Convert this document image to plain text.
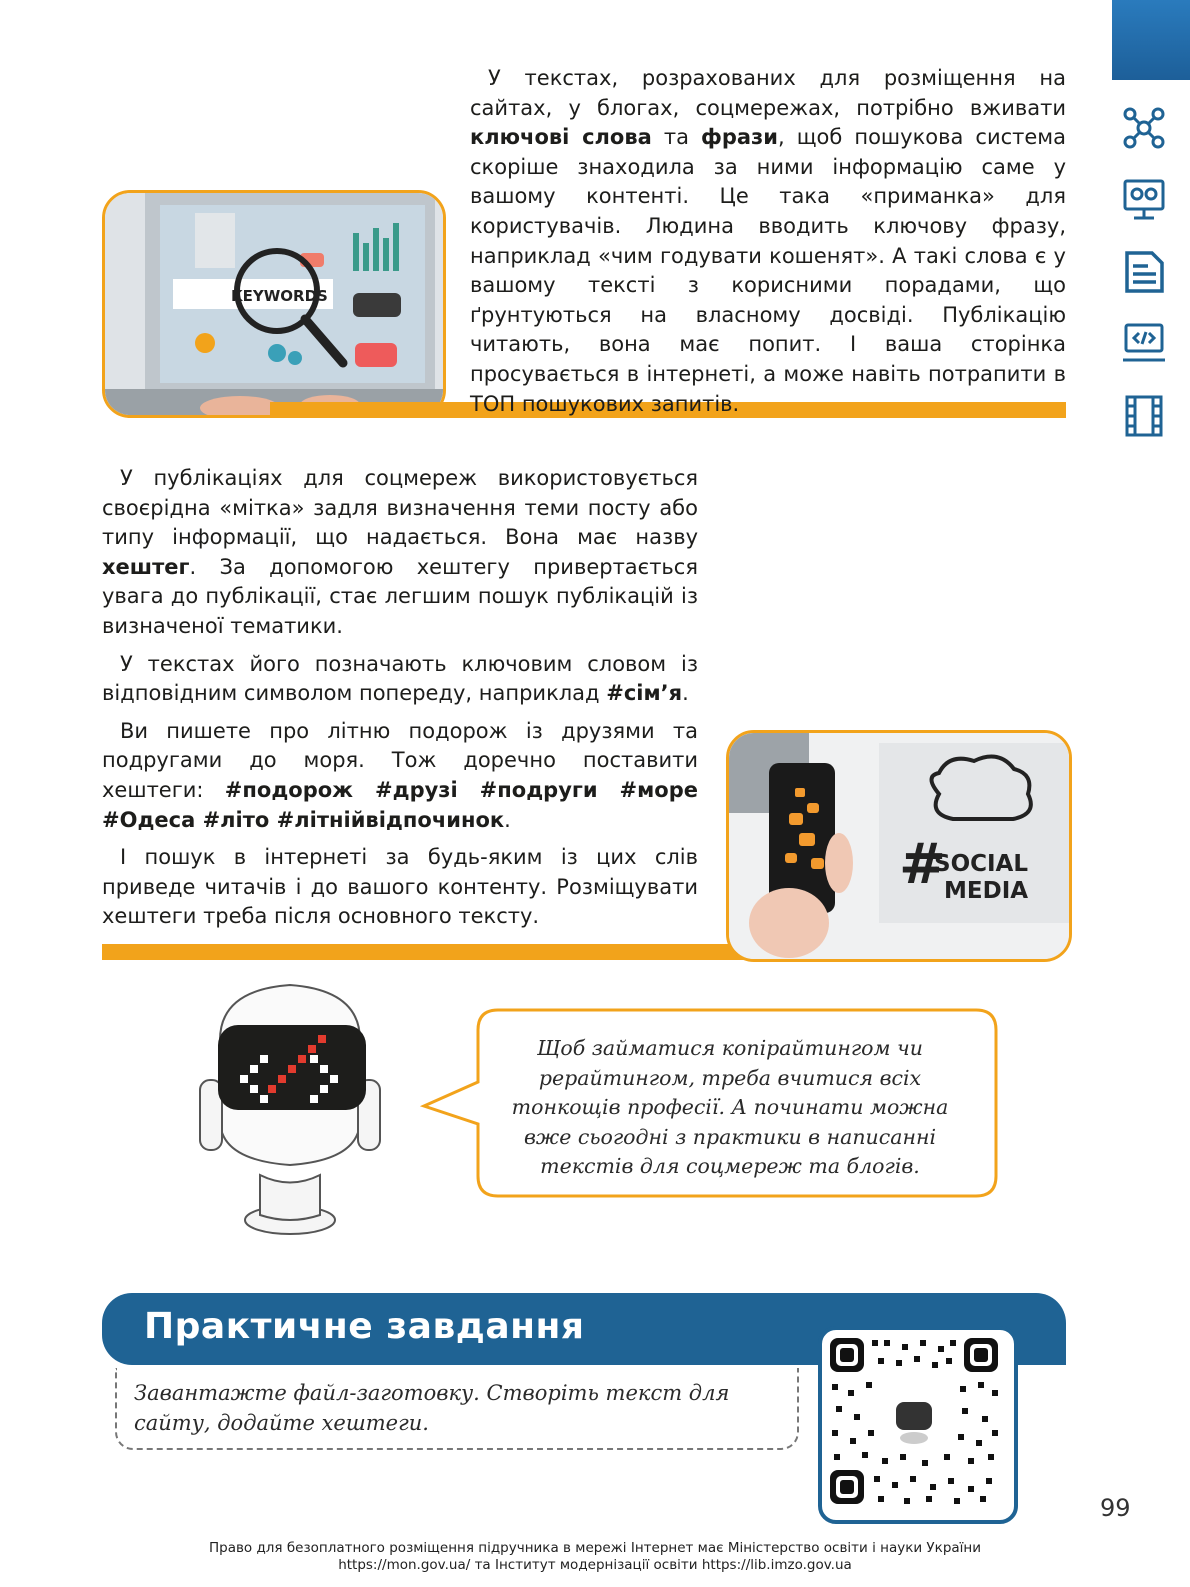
KEYWORDS

У текстах, розрахованих для розміщення на сайтах, у блогах, соцмережах, потрібно вживати ключові слова та фрази, щоб пошукова система скоріше знаходила за ними інформацію саме у вашому контенті. Це така «приманка» для користувачів. Людина вводить ключову фразу, наприклад «чим годувати кошенят». А такі слова є у вашому тексті з корисними порадами, що ґрунтуються на власному досвіді. Публікацію читають, вона має попит. І ваша сторінка просувається в інтернеті, а може навіть потрапити в ТОП пошукових запитів.

У публікаціях для соцмереж використовується своєрідна «мітка» задля визначення теми посту або типу інформації, що надається. Вона має назву хештег. За допомогою хештегу привертається увага до публікації, стає легшим пошук публікацій із визначеної тематики.

У текстах його позначають ключовим словом із відповідним символом попереду, наприклад #сім’я.

Ви пишете про літню подорож із друзями та подругами до моря. Тож доречно поставити хештеги: #подорож #друзі #подруги #море #Одеса #літо #літнійвідпочинок.

І пошук в інтернеті за будь-яким із цих слів приведе читачів і до вашого контенту. Розміщувати хештеги треба після основного тексту.

#
SOCIAL
MEDIA
Щоб займатися копірайтингом чи рерайтингом, треба вчитися всіх тонкощів професії. А починати можна вже сьогодні з практики в написанні текстів для соцмереж та блогів.
Практичне завдання
Завантажте файл-заготовку. Створіть текст для сайту, додайте хештеги.
99
Право для безоплатного розміщення підручника в мережі Інтернет має Міністерство освіти і науки України
https://mon.gov.ua/ та Інститут модернізації освіти https://lib.imzo.gov.ua
